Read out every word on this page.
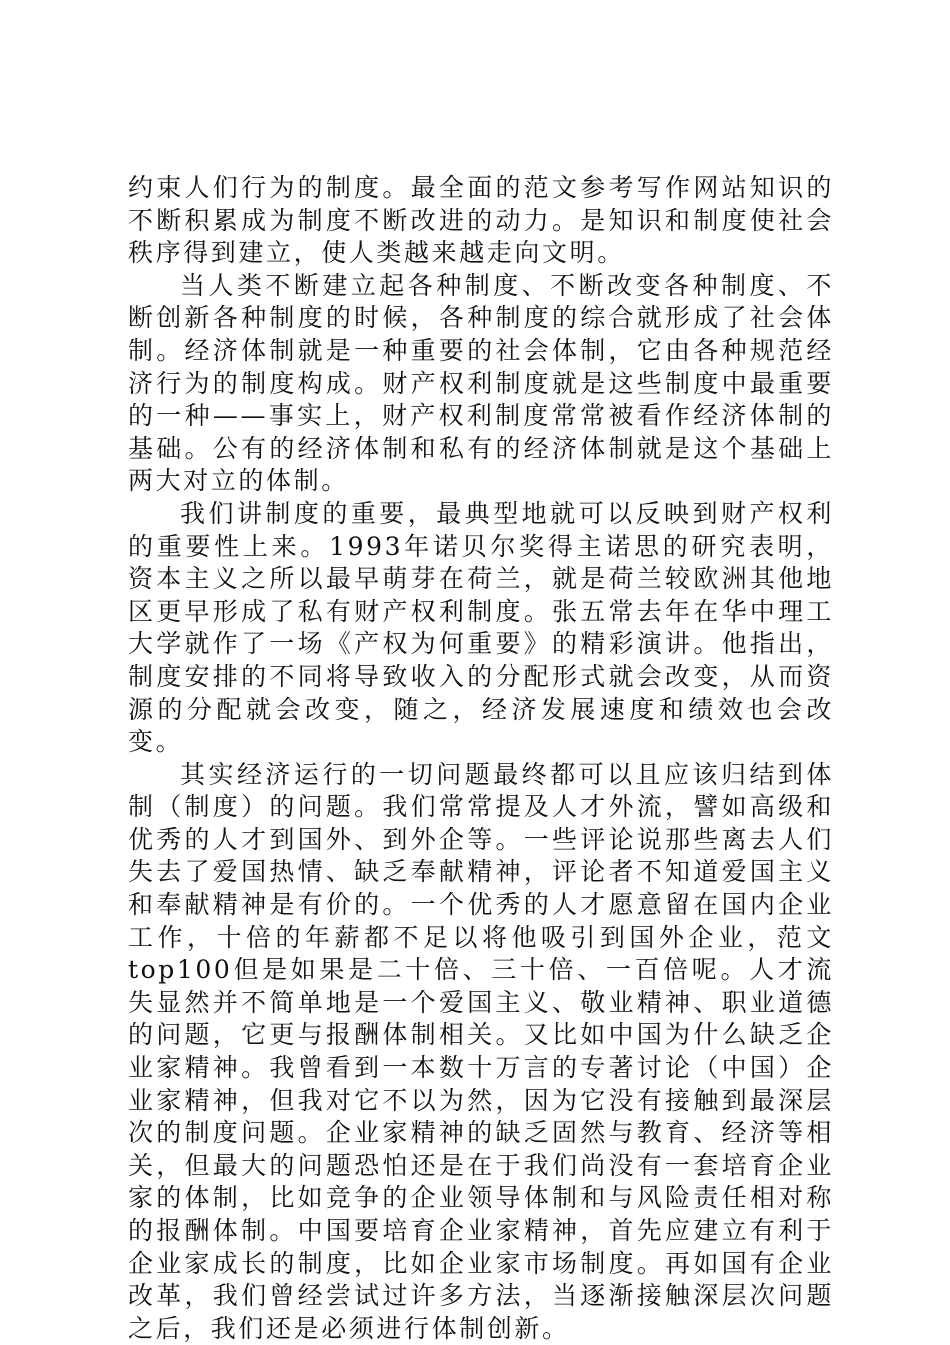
约束人们行为的制度。最全面的范文参考写作网站知识的不断积累成为制度不断改进的动力。是知识和制度使社会秩序得到建立，使人类越来越走向文明。

当人类不断建立起各种制度、不断改变各种制度、不断创新各种制度的时候，各种制度的综合就形成了社会体制。经济体制就是一种重要的社会体制，它由各种规范经济行为的制度构成。财产权利制度就是这些制度中最重要的一种——事实上，财产权利制度常常被看作经济体制的基础。公有的经济体制和私有的经济体制就是这个基础上两大对立的体制。

我们讲制度的重要，最典型地就可以反映到财产权利的重要性上来。1993年诺贝尔奖得主诺思的研究表明，资本主义之所以最早萌芽在荷兰，就是荷兰较欧洲其他地区更早形成了私有财产权利制度。张五常去年在华中理工大学就作了一场《产权为何重要》的精彩演讲。他指出，制度安排的不同将导致收入的分配形式就会改变，从而资源的分配就会改变，随之，经济发展速度和绩效也会改变。

其实经济运行的一切问题最终都可以且应该归结到体制（制度）的问题。我们常常提及人才外流，譬如高级和优秀的人才到国外、到外企等。一些评论说那些离去人们失去了爱国热情、缺乏奉献精神，评论者不知道爱国主义和奉献精神是有价的。一个优秀的人才愿意留在国内企业工作，十倍的年薪都不足以将他吸引到国外企业，范文top100但是如果是二十倍、三十倍、一百倍呢。人才流失显然并不简单地是一个爱国主义、敬业精神、职业道德的问题，它更与报酬体制相关。又比如中国为什么缺乏企业家精神。我曾看到一本数十万言的专著讨论（中国）企业家精神，但我对它不以为然，因为它没有接触到最深层次的制度问题。企业家精神的缺乏固然与教育、经济等相关，但最大的问题恐怕还是在于我们尚没有一套培育企业家的体制，比如竞争的企业领导体制和与风险责任相对称的报酬体制。中国要培育企业家精神，首先应建立有利于企业家成长的制度，比如企业家市场制度。再如国有企业改革，我们曾经尝试过许多方法，当逐渐接触深层次问题之后，我们还是必须进行体制创新。
